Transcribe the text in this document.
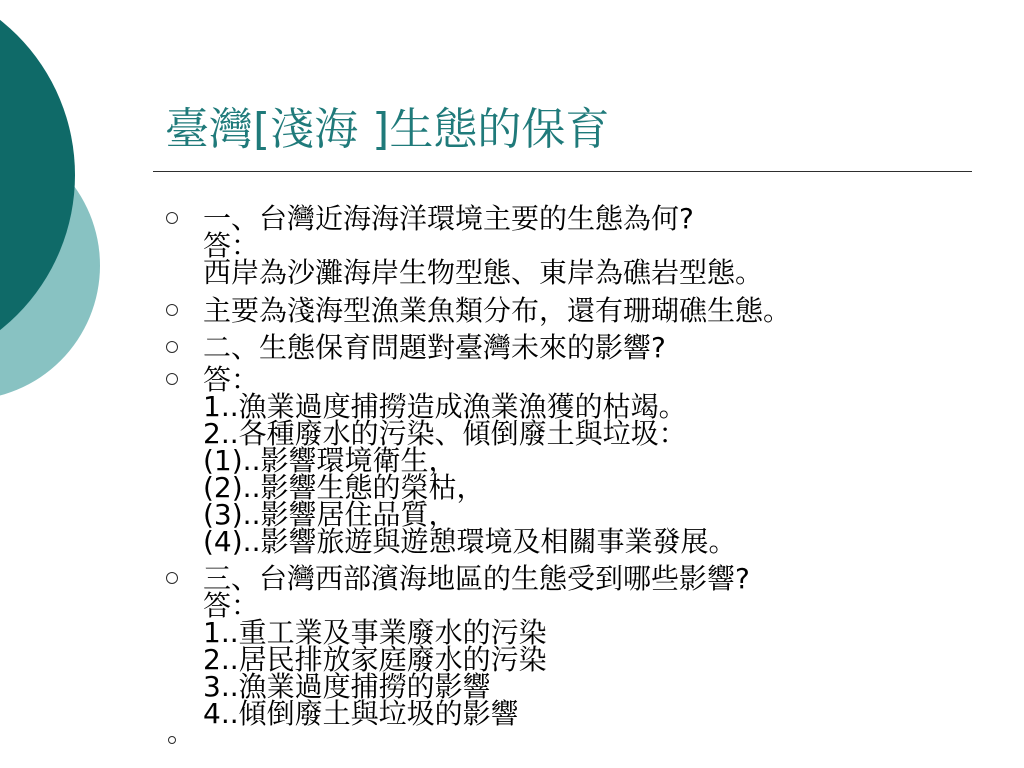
臺灣[淺海 ]生態的保育
一、台灣近海海洋環境主要的生態為何?
答：
西岸為沙灘海岸生物型態、東岸為礁岩型態。
主要為淺海型漁業魚類分布，還有珊瑚礁生態。
二、生態保育問題對臺灣未來的影響?
答：
1..漁業過度捕撈造成漁業漁獲的枯竭。
2..各種廢水的污染、傾倒廢土與垃圾：
(1)..影響環境衛生，
(2)..影響生態的榮枯，
(3)..影響居住品質，
(4)..影響旅遊與遊憩環境及相關事業發展。
三、台灣西部濱海地區的生態受到哪些影響?
答：
1..重工業及事業廢水的污染
2..居民排放家庭廢水的污染
3..漁業過度捕撈的影響
4..傾倒廢土與垃圾的影響
